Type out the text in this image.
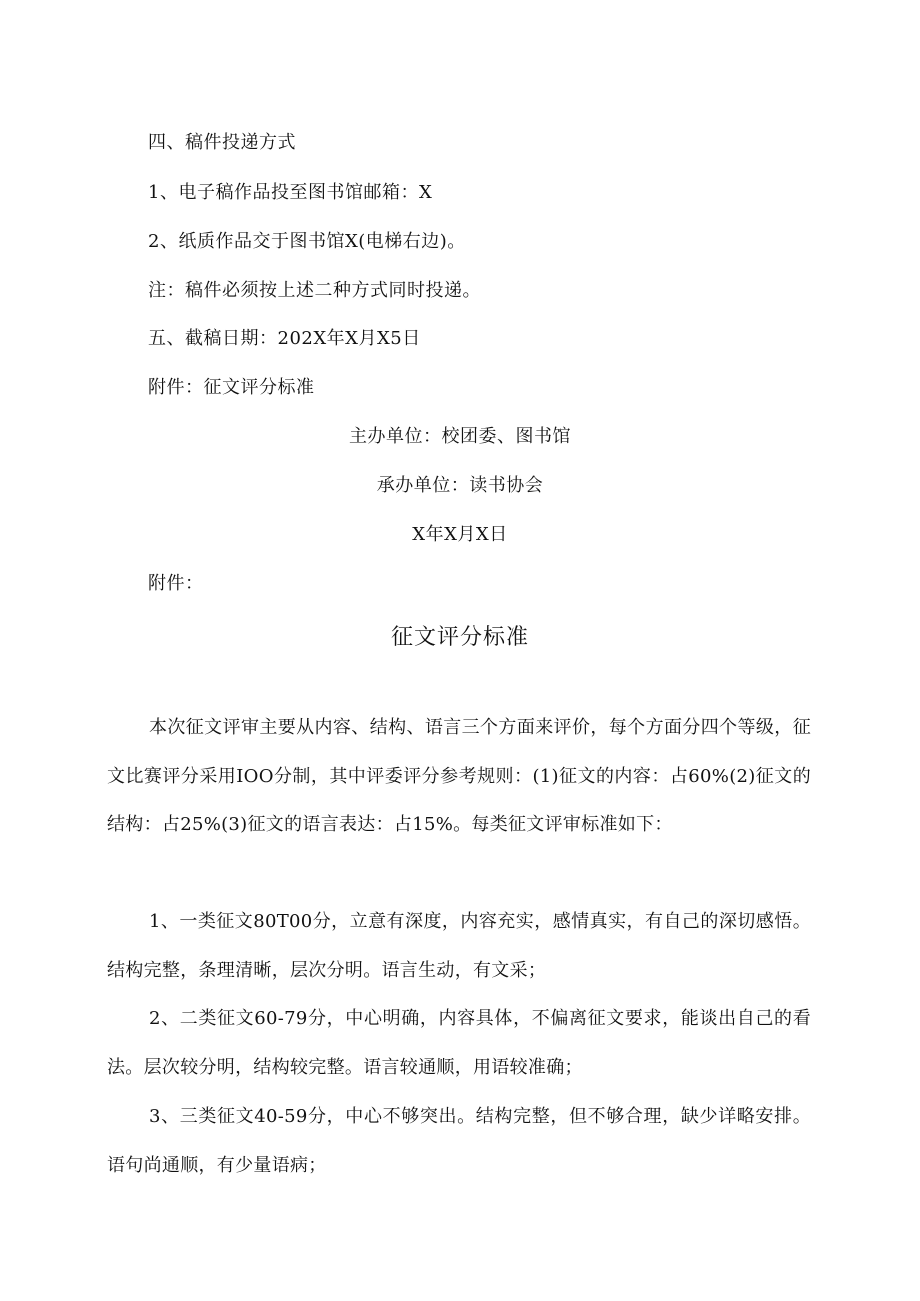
四、稿件投递方式
1、电子稿作品投至图书馆邮箱：X
2、纸质作品交于图书馆X(电梯右边)。
注：稿件必须按上述二种方式同时投递。
五、截稿日期：202X年X月X5日
附件：征文评分标准
主办单位：校团委、图书馆
承办单位：读书协会
X年X月X日
附件：
征文评分标准
本次征文评审主要从内容、结构、语言三个方面来评价，每个方面分四个等级，征文比赛评分采用IOO分制，其中评委评分参考规则：(1)征文的内容：占60%(2)征文的结构：占25%(3)征文的语言表达：占15%。每类征文评审标准如下：
1、一类征文80T00分，立意有深度，内容充实，感情真实，有自己的深切感悟。结构完整，条理清晰，层次分明。语言生动，有文采；
2、二类征文60-79分，中心明确，内容具体，不偏离征文要求，能谈出自己的看法。层次较分明，结构较完整。语言较通顺，用语较准确；
3、三类征文40-59分，中心不够突出。结构完整，但不够合理，缺少详略安排。语句尚通顺，有少量语病；
